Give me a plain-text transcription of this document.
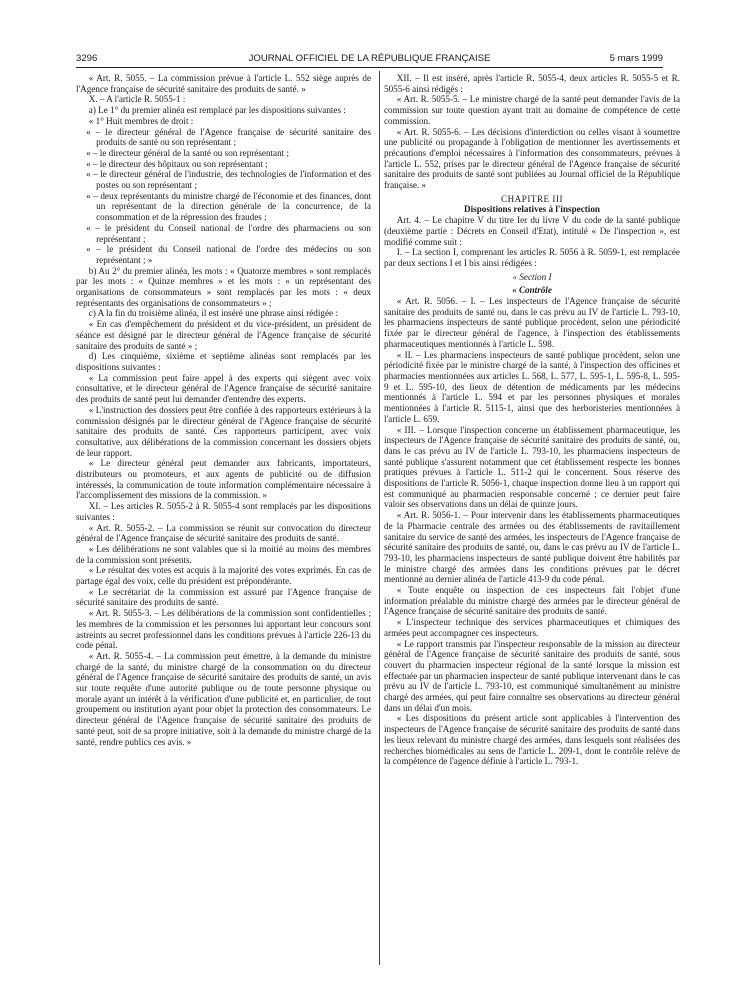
3296	JOURNAL OFFICIEL DE LA RÉPUBLIQUE FRANÇAISE	5 mars 1999

« Art. R. 5055. – La commission prévue à l'article L. 552 siège auprès de l'Agence française de sécurité sanitaire des produits de santé. »

X. – A l'article R. 5055-1 :

a) Le 1° du premier alinéa est remplacé par les dispositions suivantes :

« 1° Huit membres de droit :

« – le directeur général de l'Agence française de sécurité sanitaire des produits de santé ou son représentant ;

« – le directeur général de la santé ou son représentant ;

« – le directeur des hôpitaux ou son représentant ;

« – le directeur général de l'industrie, des technologies de l'information et des postes ou son représentant ;

« – deux représentants du ministre chargé de l'économie et des finances, dont un représentant de la direction générale de la concurrence, de la consommation et de la répression des fraudes ;

« – le président du Conseil national de l'ordre des pharmaciens ou son représentant ;

« – le président du Conseil national de l'ordre des médecins ou son représentant ; »

b) Au 2° du premier alinéa, les mots : « Quatorze membres » sont remplacés par les mots : « Quinze membres » et les mots : « un représentant des organisations de consommateurs » sont remplacés par les mots : « deux représentants des organisations de consommateurs » ;

c) A la fin du troisième alinéa, il est inséré une phrase ainsi rédigée :

« En cas d'empêchement du président et du vice-président, un président de séance est désigné par le directeur général de l'Agence française de sécurité sanitaire des produits de santé » ;

d) Les cinquième, sixième et septième alinéas sont remplacés par les dispositions suivantes :

« La commission peut faire appel à des experts qui siègent avec voix consultative, et le directeur général de l'Agence française de sécurité sanitaire des produits de santé peut lui demander d'entendre des experts.

« L'instruction des dossiers peut être confiée à des rapporteurs extérieurs à la commission désignés par le directeur général de l'Agence française de sécurité sanitaire des produits de santé. Ces rapporteurs participent, avec voix consultative, aux délibérations de la commission concernant les dossiers objets de leur rapport.

« Le directeur général peut demander aux fabricants, importateurs, distributeurs ou promoteurs, et aux agents de publicité ou de diffusion intéressés, la communication de toute information complémentaire nécessaire à l'accomplissement des missions de la commission. »

XI. – Les articles R. 5055-2 à R. 5055-4 sont remplacés par les dispositions suivantes :

« Art. R. 5055-2. – La commission se réunit sur convocation du directeur général de l'Agence française de sécurité sanitaire des produits de santé.

« Les délibérations ne sont valables que si la moitié au moins des membres de la commission sont présents.

« Le résultat des votes est acquis à la majorité des votes exprimés. En cas de partage égal des voix, celle du président est prépondérante.

« Le secrétariat de la commission est assuré par l'Agence française de sécurité sanitaire des produits de santé.

« Art. R. 5055-3. – Les délibérations de la commission sont confidentielles ; les membres de la commission et les personnes lui apportant leur concours sont astreints au secret professionnel dans les conditions prévues à l'article 226-13 du code pénal.

« Art. R. 5055-4. – La commission peut émettre, à la demande du ministre chargé de la santé, du ministre chargé de la consommation ou du directeur général de l'Agence française de sécurité sanitaire des produits de santé, un avis sur toute requête d'une autorité publique ou de toute personne physique ou morale ayant un intérêt à la vérification d'une publicité et, en particulier, de tout groupement ou institution ayant pour objet la protection des consommateurs. Le directeur général de l'Agence française de sécurité sanitaire des produits de santé peut, soit de sa propre initiative, soit à la demande du ministre chargé de la santé, rendre publics ces avis. »

XII. – Il est inséré, après l'article R. 5055-4, deux articles R. 5055-5 et R. 5055-6 ainsi rédigés :

« Art. R. 5055-5. – Le ministre chargé de la santé peut demander l'avis de la commission sur toute question ayant trait au domaine de compétence de cette commission.

« Art. R. 5055-6. – Les décisions d'interdiction ou celles visant à soumettre une publicité ou propagande à l'obligation de mentionner les avertissements et précautions d'emploi nécessaires à l'information des consommateurs, prévues à l'article L. 552, prises par le directeur général de l'Agence française de sécurité sanitaire des produits de santé sont publiées au Journal officiel de la République française. »

CHAPITRE III

Dispositions relatives à l'inspection

Art. 4. – Le chapitre V du titre Ier du livre V du code de la santé publique (deuxième partie : Décrets en Conseil d'Etat), intitulé « De l'inspection », est modifié comme suit :

I. – La section I, comprenant les articles R. 5056 à R. 5059-1, est remplacée par deux sections I et I bis ainsi rédigées :

« Section I

« Contrôle

« Art. R. 5056. – I. – Les inspecteurs de l'Agence française de sécurité sanitaire des produits de santé ou, dans le cas prévu au IV de l'article L. 793-10, les pharmaciens inspecteurs de santé publique procèdent, selon une périodicité fixée par le directeur général de l'agence, à l'inspection des établissements pharmaceutiques mentionnés à l'article L. 598.

« II. – Les pharmaciens inspecteurs de santé publique procèdent, selon une périodicité fixée par le ministre chargé de la santé, à l'inspection des officines et pharmacies mentionnées aux articles L. 568, L. 577, L. 595-1, L. 595-8, L. 595-9 et L. 595-10, des lieux de détention de médicaments par les médecins mentionnés à l'article L. 594 et par les personnes physiques et morales mentionnées à l'article R. 5115-1, ainsi que des herboristeries mentionnées à l'article L. 659.

« III. – Lorsque l'inspection concerne un établissement pharmaceutique, les inspecteurs de l'Agence française de sécurité sanitaire des produits de santé, ou, dans le cas prévu au IV de l'article L. 793-10, les pharmaciens inspecteurs de santé publique s'assurent notamment que cet établissement respecte les bonnes pratiques prévues à l'article L. 511-2 qui le concernent. Sous réserve des dispositions de l'article R. 5056-1, chaque inspection donne lieu à un rapport qui est communiqué au pharmacien responsable concerné ; ce dernier peut faire valoir ses observations dans un délai de quinze jours.

« Art. R. 5056-1. – Pour intervenir dans les établissements pharmaceutiques de la Pharmacie centrale des armées ou des établissements de ravitaillement sanitaire du service de santé des armées, les inspecteurs de l'Agence française de sécurité sanitaire des produits de santé, ou, dans le cas prévu au IV de l'article L. 793-10, les pharmaciens inspecteurs de santé publique doivent être habilités par le ministre chargé des armées dans les conditions prévues par le décret mentionné au dernier alinéa de l'article 413-9 du code pénal.

« Toute enquête ou inspection de ces inspecteurs fait l'objet d'une information préalable du ministre chargé des armées par le directeur général de l'Agence française de sécurité sanitaire des produits de santé.

« L'inspecteur technique des services pharmaceutiques et chimiques des armées peut accompagner ces inspecteurs.

« Le rapport transmis par l'inspecteur responsable de la mission au directeur général de l'Agence française de sécurité sanitaire des produits de santé, sous couvert du pharmacien inspecteur régional de la santé lorsque la mission est effectuée par un pharmacien inspecteur de santé publique intervenant dans le cas prévu au IV de l'article L. 793-10, est communiqué simultanément au ministre chargé des armées, qui peut faire connaître ses observations au directeur général dans un délai d'un mois.

« Les dispositions du présent article sont applicables à l'intervention des inspecteurs de l'Agence française de sécurité sanitaire des produits de santé dans les lieux relevant du ministre chargé des armées, dans lesquels sont réalisées des recherches biomédicales au sens de l'article L. 209-1, dont le contrôle relève de la compétence de l'agence définie à l'article L. 793-1.
